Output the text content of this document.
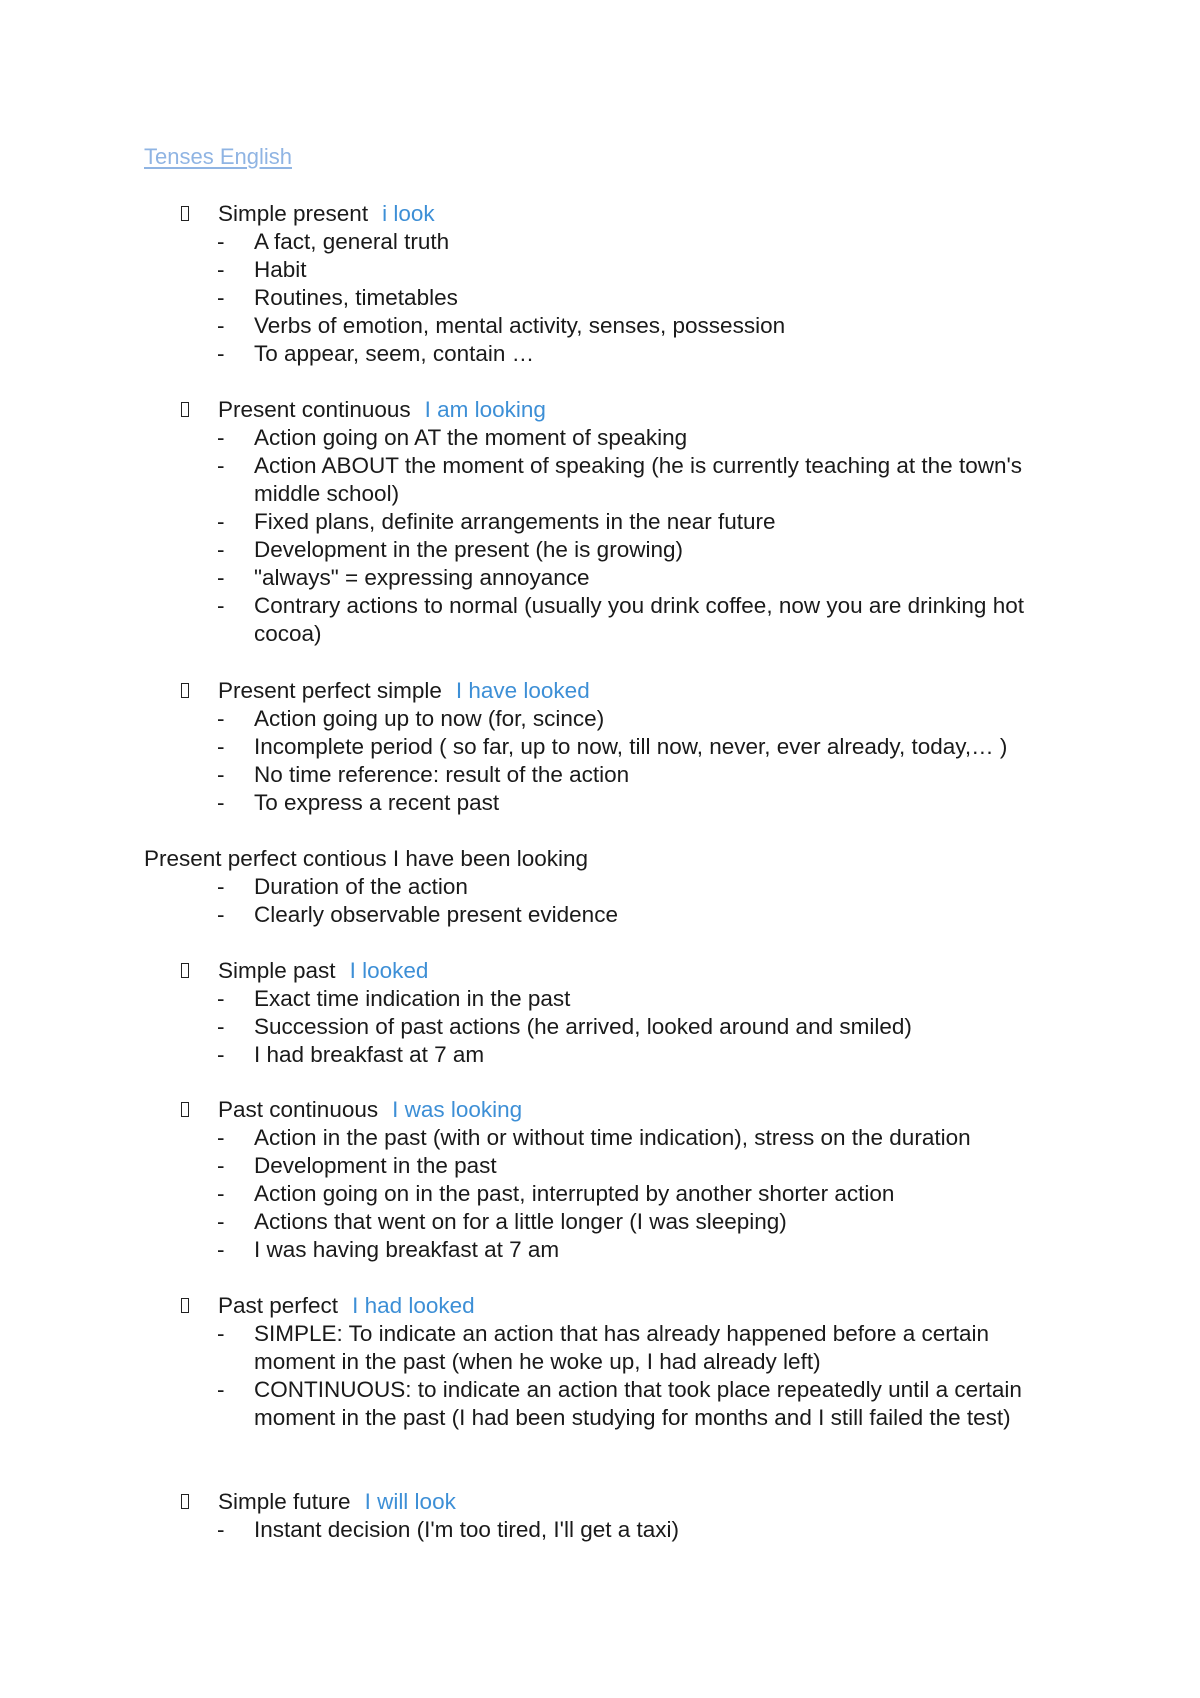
Tenses English
Simple present i look
- A fact, general truth
- Habit
- Routines, timetables
- Verbs of emotion, mental activity, senses, possession
- To appear, seem, contain …
Present continuous I am looking
- Action going on AT the moment of speaking
- Action ABOUT the moment of speaking (he is currently teaching at the town's middle school)
- Fixed plans, definite arrangements in the near future
- Development in the present (he is growing)
- "always" = expressing annoyance
- Contrary actions to normal (usually you drink coffee, now you are drinking hot cocoa)
Present perfect simple I have looked
- Action going up to now (for, scince)
- Incomplete period ( so far, up to now, till now, never, ever already, today,… )
- No time reference: result of the action
- To express a recent past
Present perfect contious I have been looking
- Duration of the action
- Clearly observable present evidence
Simple past I looked
- Exact time indication in the past
- Succession of past actions (he arrived, looked around and smiled)
- I had breakfast at 7 am
Past continuous I was looking
- Action in the past (with or without time indication), stress on the duration
- Development in the past
- Action going on in the past, interrupted by another shorter action
- Actions that went on for a little longer (I was sleeping)
- I was having breakfast at 7 am
Past perfect I had looked
- SIMPLE: To indicate an action that has already happened before a certain moment in the past (when he woke up, I had already left)
- CONTINUOUS: to indicate an action that took place repeatedly until a certain moment in the past (I had been studying for months and I still failed the test)
Simple future I will look
- Instant decision (I'm too tired, I'll get a taxi)
